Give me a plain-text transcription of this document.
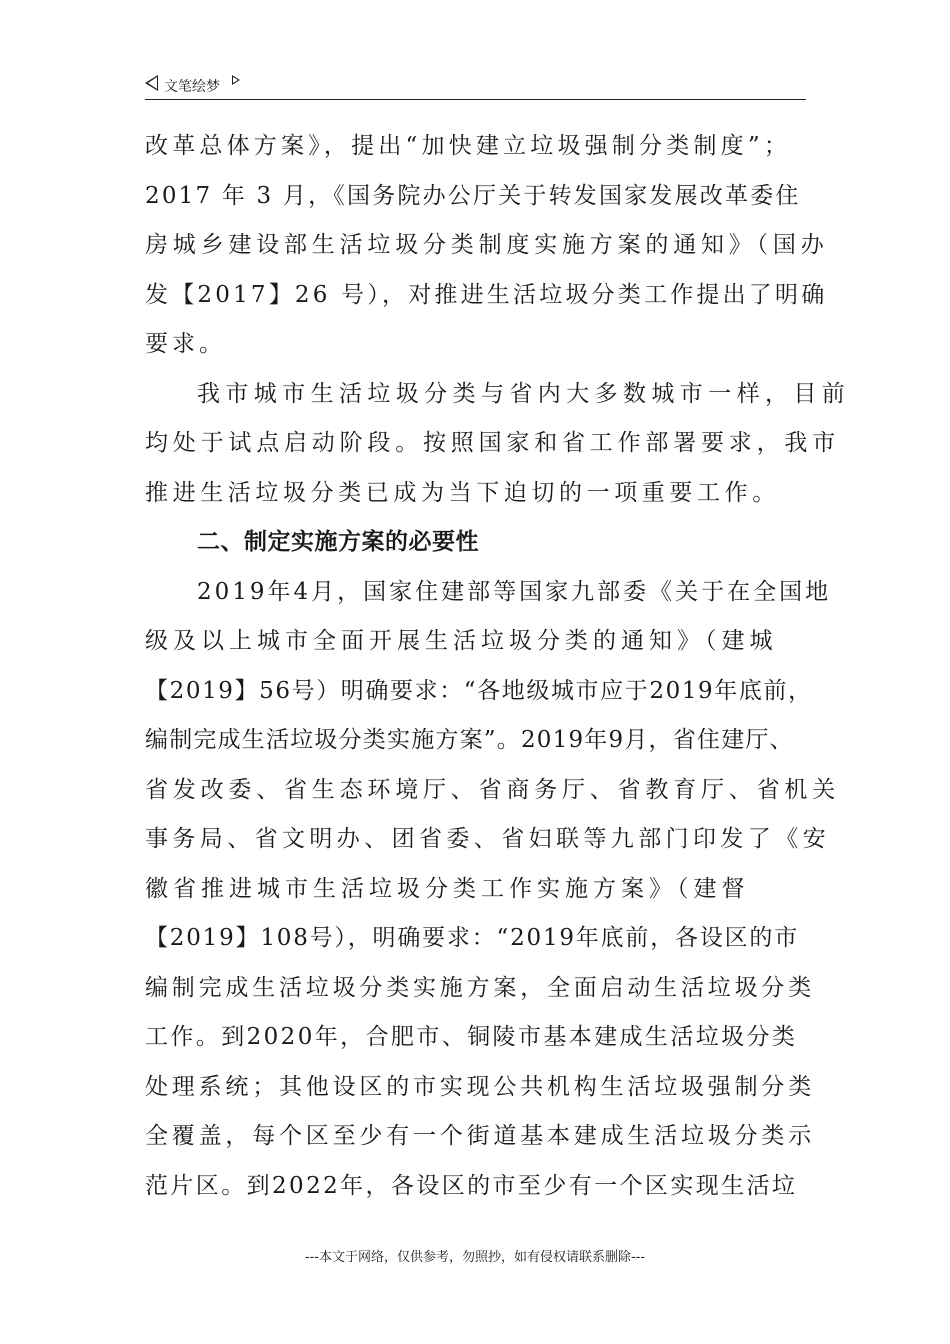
文笔绘梦
改革总体方案》，提出“加快建立垃圾强制分类制度”；
2017 年 3 月，《国务院办公厅关于转发国家发展改革委住
房城乡建设部生活垃圾分类制度实施方案的通知》（国办
发【2017】26 号），对推进生活垃圾分类工作提出了明确
要求。
我市城市生活垃圾分类与省内大多数城市一样，目前
均处于试点启动阶段。按照国家和省工作部署要求，我市
推进生活垃圾分类已成为当下迫切的一项重要工作。
二、制定实施方案的必要性
2019年4月，国家住建部等国家九部委《关于在全国地
级及以上城市全面开展生活垃圾分类的通知》（建城
【2019】56号）明确要求：“各地级城市应于2019年底前，
编制完成生活垃圾分类实施方案”。2019年9月，省住建厅、
省发改委、省生态环境厅、省商务厅、省教育厅、省机关
事务局、省文明办、团省委、省妇联等九部门印发了《安
徽省推进城市生活垃圾分类工作实施方案》（建督
【2019】108号），明确要求：“2019年底前，各设区的市
编制完成生活垃圾分类实施方案，全面启动生活垃圾分类
工作。到2020年，合肥市、铜陵市基本建成生活垃圾分类
处理系统；其他设区的市实现公共机构生活垃圾强制分类
全覆盖，每个区至少有一个街道基本建成生活垃圾分类示
范片区。到2022年，各设区的市至少有一个区实现生活垃
---本文于网络，仅供参考，勿照抄，如有侵权请联系删除---
